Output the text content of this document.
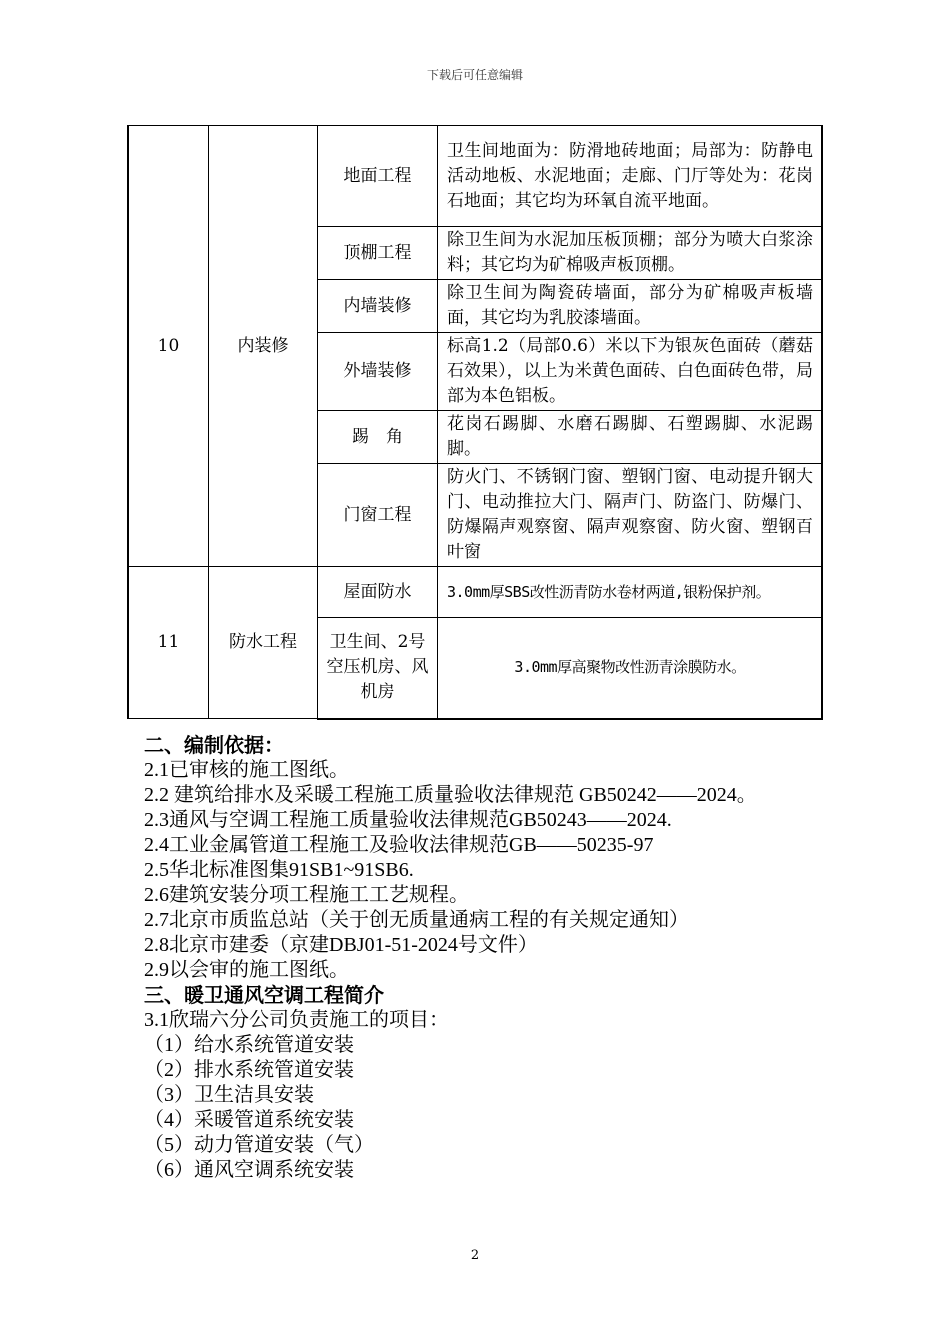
下载后可任意编辑
10	内装修	地面工程	卫生间地面为：防滑地砖地面；局部为：防静电活动地板、水泥地面；走廊、门厅等处为：花岗石地面；其它均为环氧自流平地面。
		顶棚工程	除卫生间为水泥加压板顶棚；部分为喷大白浆涂料；其它均为矿棉吸声板顶棚。
		内墙装修	除卫生间为陶瓷砖墙面，部分为矿棉吸声板墙面，其它均为乳胶漆墙面。
		外墙装修	标高1.2（局部0.6）米以下为银灰色面砖（蘑菇石效果），以上为米黄色面砖、白色面砖色带，局部为本色铝板。
		踢　角	花岗石踢脚、水磨石踢脚、石塑踢脚、水泥踢脚。
		门窗工程	防火门、不锈钢门窗、塑钢门窗、电动提升钢大门、电动推拉大门、隔声门、防盗门、防爆门、防爆隔声观察窗、隔声观察窗、防火窗、塑钢百叶窗
11	防水工程	屋面防水	3.0mm厚SBS改性沥青防水卷材两道,银粉保护剂。
		卫生间、2号空压机房、风机房	3.0mm厚高聚物改性沥青涂膜防水。

二、编制依据：

2.1已审核的施工图纸。

2.2 建筑给排水及采暖工程施工质量验收法律规范 GB50242——2024。

2.3通风与空调工程施工质量验收法律规范GB50243——2024.

2.4工业金属管道工程施工及验收法律规范GB——50235-97

2.5华北标准图集91SB1~91SB6.

2.6建筑安装分项工程施工工艺规程。

2.7北京市质监总站（关于创无质量通病工程的有关规定通知）

2.8北京市建委（京建DBJ01-51-2024号文件）

2.9以会审的施工图纸。

三、暖卫通风空调工程简介

3.1欣瑞六分公司负责施工的项目：

（1）给水系统管道安装

（2）排水系统管道安装

（3）卫生洁具安装

（4）采暖管道系统安装

（5）动力管道安装（气）

（6）通风空调系统安装

2
